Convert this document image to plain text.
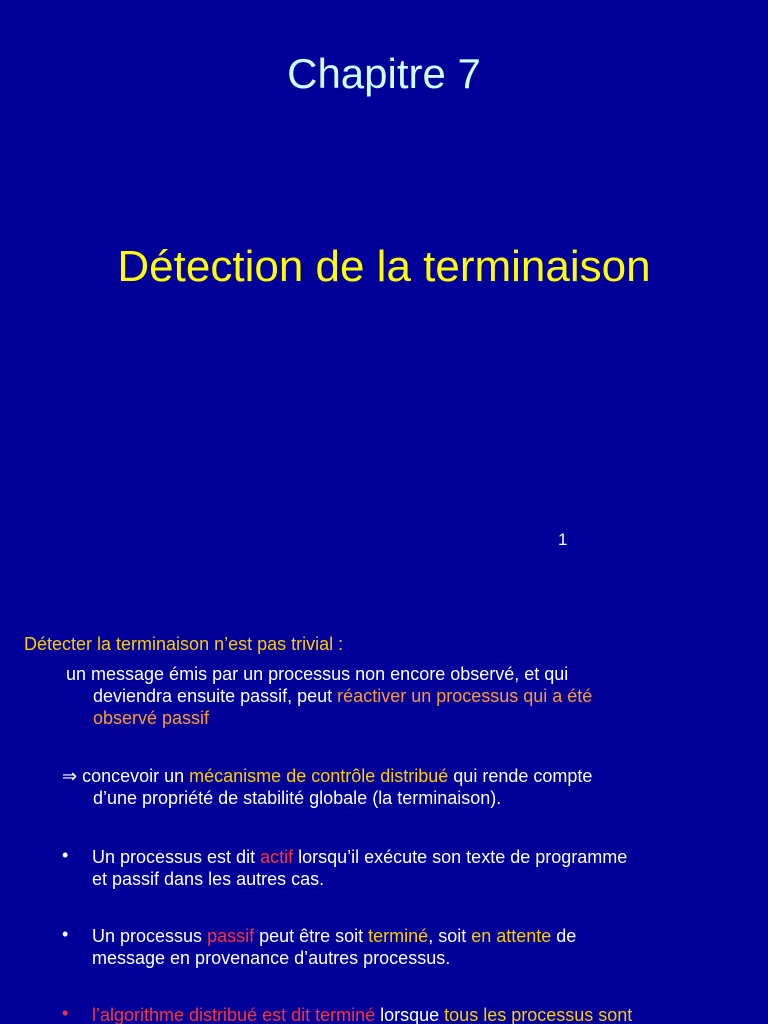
Chapitre 7
Détection de la terminaison
1
Détecter la terminaison n’est pas trivial :
un message émis par un processus non encore observé, et qui
deviendra ensuite passif, peut réactiver un processus qui a été
observé passif
⇒ concevoir un mécanisme de contrôle distribué qui rende compte
d’une propriété de stabilité globale (la terminaison).
• Un processus est dit actif lorsqu’il exécute son texte de programme
et passif dans les autres cas.
• Un processus passif peut être soit terminé, soit en attente de
message en provenance d’autres processus.
• l’algorithme distribué est dit terminé lorsque tous les processus sont
